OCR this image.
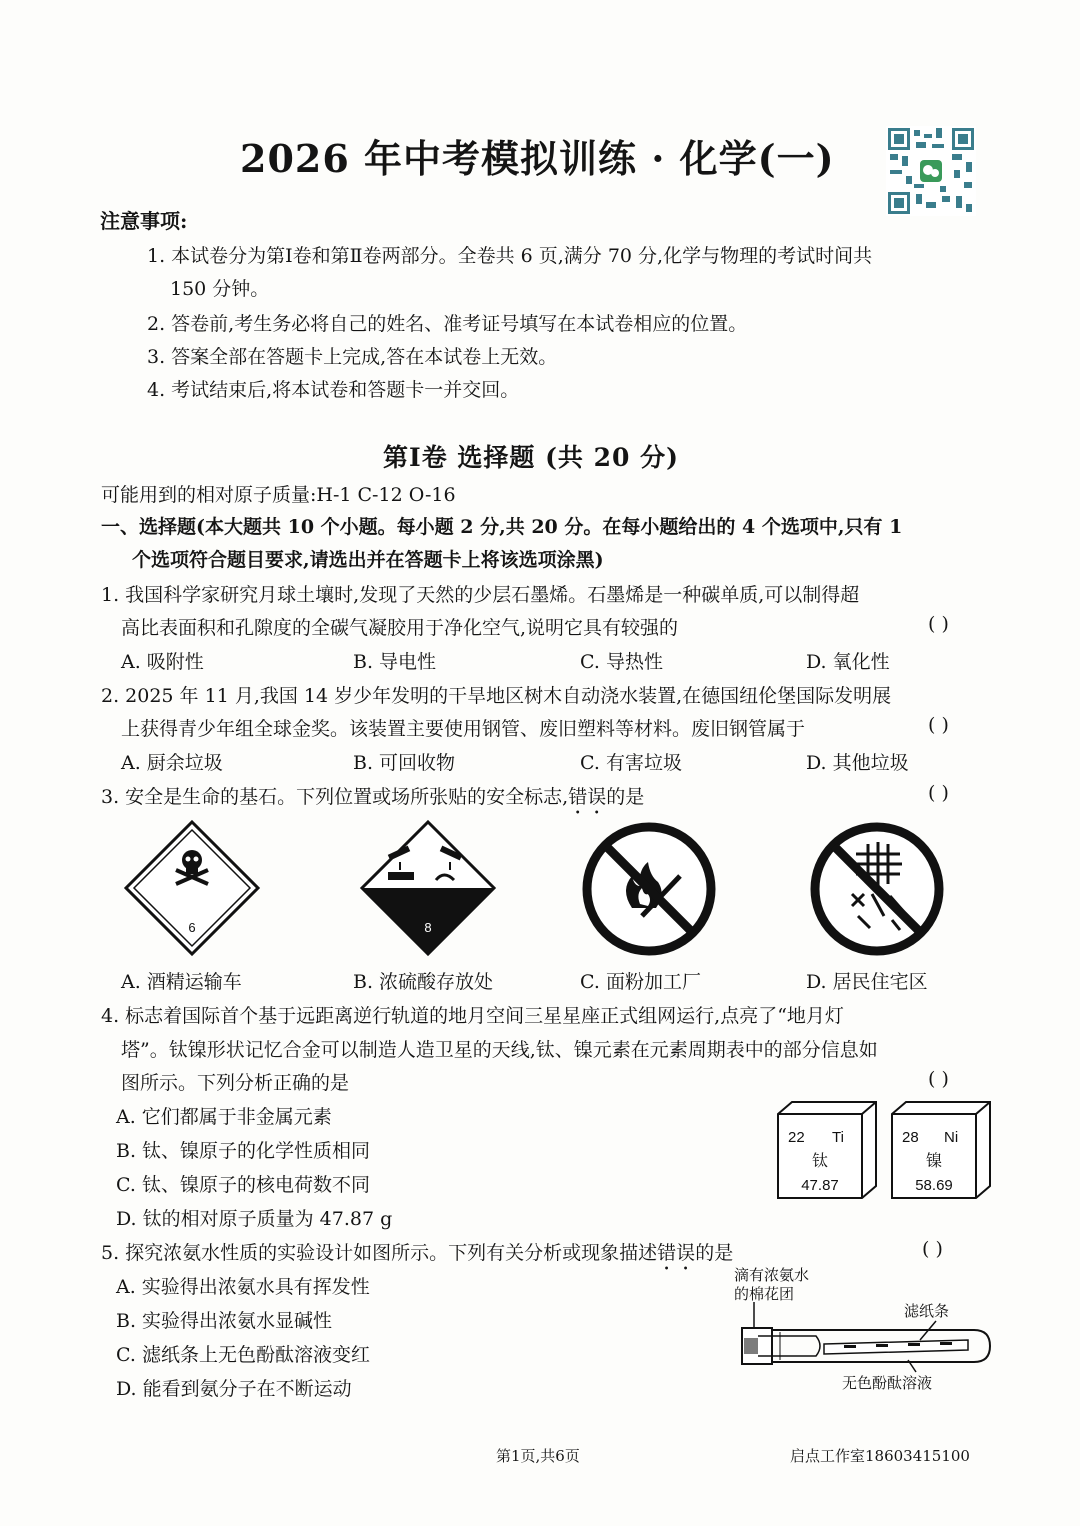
2026 年中考模拟训练 · 化学(一)
注意事项:
1. 本试卷分为第Ⅰ卷和第Ⅱ卷两部分。全卷共 6 页,满分 70 分,化学与物理的考试时间共
150 分钟。
2. 答卷前,考生务必将自己的姓名、准考证号填写在本试卷相应的位置。
3. 答案全部在答题卡上完成,答在本试卷上无效。
4. 考试结束后,将本试卷和答题卡一并交回。
第Ⅰ卷 选择题 (共 20 分)
可能用到的相对原子质量:H-1 C-12 O-16
一、选择题(本大题共 10 个小题。每小题 2 分,共 20 分。在每小题给出的 4 个选项中,只有 1
个选项符合题目要求,请选出并在答题卡上将该选项涂黑)
1. 我国科学家研究月球土壤时,发现了天然的少层石墨烯。石墨烯是一种碳单质,可以制得超
高比表面积和孔隙度的全碳气凝胶用于净化空气,说明它具有较强的	( )
A. 吸附性	B. 导电性	C. 导热性	D. 氧化性
2. 2025 年 11 月,我国 14 岁少年发明的干旱地区树木自动浇水装置,在德国纽伦堡国际发明展
上获得青少年组全球金奖。该装置主要使用钢管、废旧塑料等材料。废旧钢管属于	( )
A. 厨余垃圾	B. 可回收物	C. 有害垃圾	D. 其他垃圾
3. 安全是生命的基石。下列位置或场所张贴的安全标志,错误的是	( )
6	8
A. 酒精运输车	B. 浓硫酸存放处	C. 面粉加工厂	D. 居民住宅区
4. 标志着国际首个基于远距离逆行轨道的地月空间三星星座正式组网运行,点亮了“地月灯
塔”。钛镍形状记忆合金可以制造人造卫星的天线,钛、镍元素在元素周期表中的部分信息如
图所示。下列分析正确的是	( )
A. 它们都属于非金属元素
B. 钛、镍原子的化学性质相同
C. 钛、镍原子的核电荷数不同
D. 钛的相对原子质量为 47.87 g
22 Ti
钛
47.87
28 Ni
镍
58.69
5. 探究浓氨水性质的实验设计如图所示。下列有关分析或现象描述错误的是	( )
A. 实验得出浓氨水具有挥发性
B. 实验得出浓氨水显碱性
C. 滤纸条上无色酚酞溶液变红
D. 能看到氨分子在不断运动
滴有浓氨水
的棉花团
滤纸条
无色酚酞溶液
第1页,共6页	启点工作室18603415100
